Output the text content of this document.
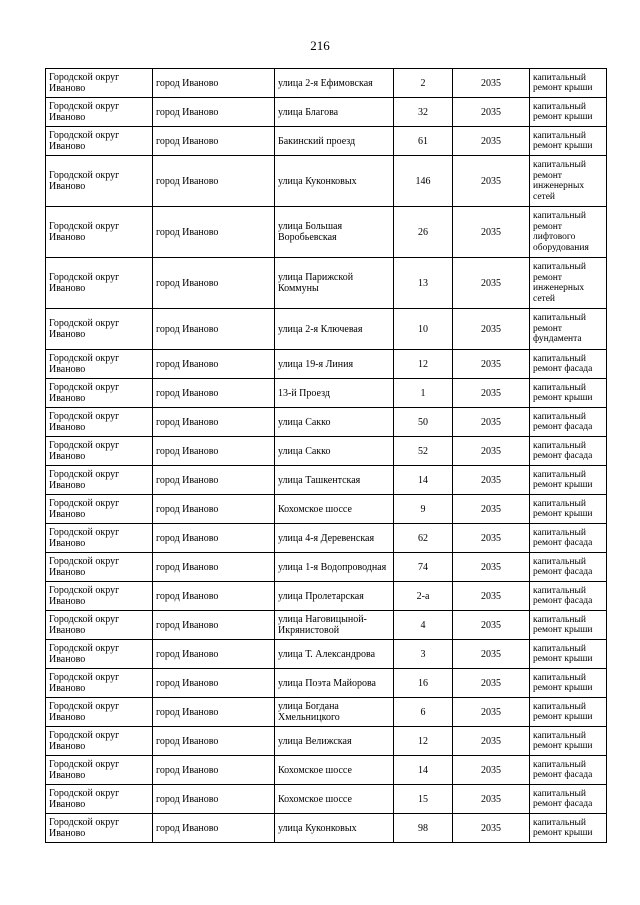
216
Городской округ Иваново	город Иваново	улица 2-я Ефимовская	2	2035	капитальный ремонт крыши
Городской округ Иваново	город Иваново	улица Благова	32	2035	капитальный ремонт крыши
Городской округ Иваново	город Иваново	Бакинский проезд	61	2035	капитальный ремонт крыши
Городской округ Иваново	город Иваново	улица Куконковых	146	2035	капитальный ремонт инженерных сетей
Городской округ Иваново	город Иваново	улица Большая Воробьевская	26	2035	капитальный ремонт лифтового оборудования
Городской округ Иваново	город Иваново	улица Парижской Коммуны	13	2035	капитальный ремонт инженерных сетей
Городской округ Иваново	город Иваново	улица 2-я Ключевая	10	2035	капитальный ремонт фундамента
Городской округ Иваново	город Иваново	улица 19-я Линия	12	2035	капитальный ремонт фасада
Городской округ Иваново	город Иваново	13-й Проезд	1	2035	капитальный ремонт крыши
Городской округ Иваново	город Иваново	улица Сакко	50	2035	капитальный ремонт фасада
Городской округ Иваново	город Иваново	улица Сакко	52	2035	капитальный ремонт фасада
Городской округ Иваново	город Иваново	улица Ташкентская	14	2035	капитальный ремонт крыши
Городской округ Иваново	город Иваново	Кохомское шоссе	9	2035	капитальный ремонт крыши
Городской округ Иваново	город Иваново	улица 4-я Деревенская	62	2035	капитальный ремонт фасада
Городской округ Иваново	город Иваново	улица 1-я Водопроводная	74	2035	капитальный ремонт фасада
Городской округ Иваново	город Иваново	улица Пролетарская	2-а	2035	капитальный ремонт фасада
Городской округ Иваново	город Иваново	улица Наговицыной-Икрянистовой	4	2035	капитальный ремонт крыши
Городской округ Иваново	город Иваново	улица Т. Александрова	3	2035	капитальный ремонт крыши
Городской округ Иваново	город Иваново	улица Поэта Майорова	16	2035	капитальный ремонт крыши
Городской округ Иваново	город Иваново	улица Богдана Хмельницкого	6	2035	капитальный ремонт крыши
Городской округ Иваново	город Иваново	улица Велижская	12	2035	капитальный ремонт крыши
Городской округ Иваново	город Иваново	Кохомское шоссе	14	2035	капитальный ремонт фасада
Городской округ Иваново	город Иваново	Кохомское шоссе	15	2035	капитальный ремонт фасада
Городской округ Иваново	город Иваново	улица Куконковых	98	2035	капитальный ремонт крыши
